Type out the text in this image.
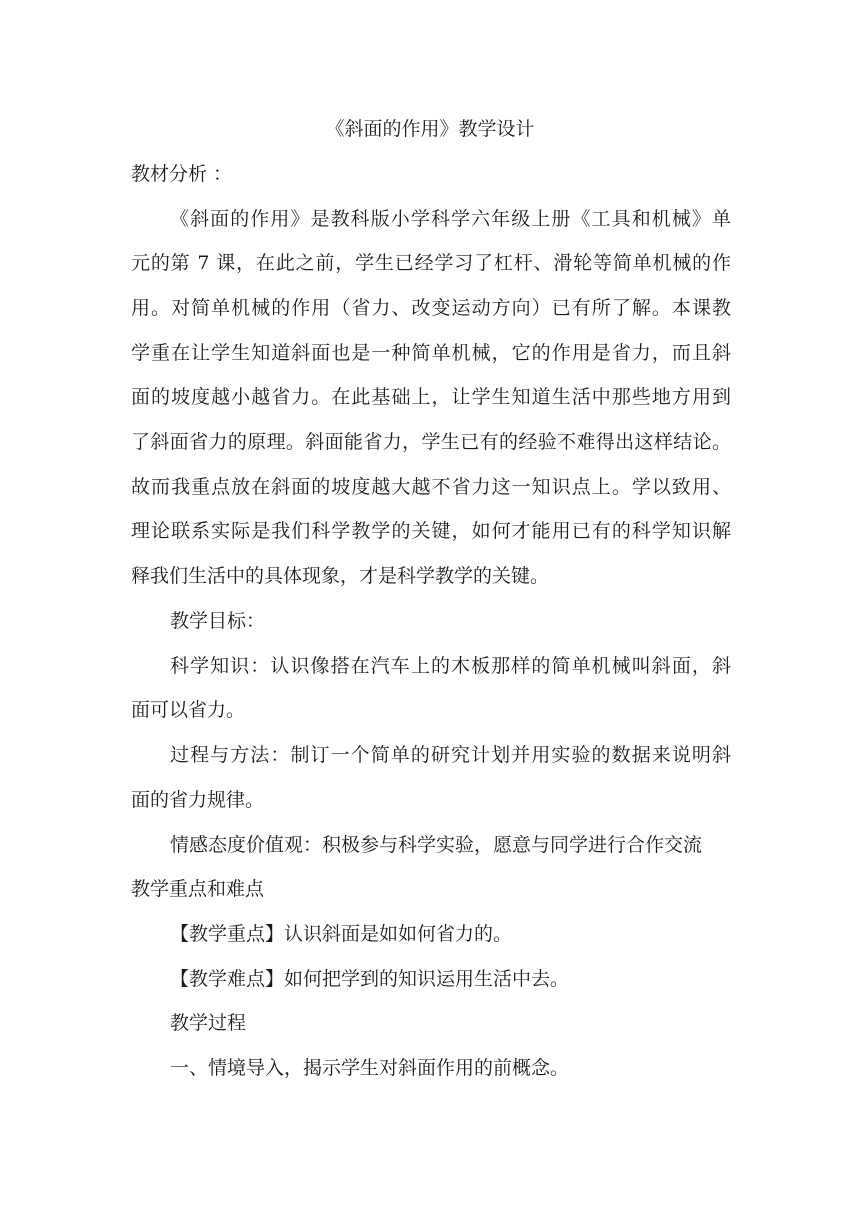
《斜面的作用》教学设计
教材分析 ：
《斜面的作用》是教科版小学科学六年级上册《工具和机械》单
元的第 7 课，在此之前，学生已经学习了杠杆、滑轮等简单机械的作
用。对简单机械的作用（省力、改变运动方向）已有所了解。本课教
学重在让学生知道斜面也是一种简单机械，它的作用是省力，而且斜
面的坡度越小越省力。在此基础上，让学生知道生活中那些地方用到
了斜面省力的原理。斜面能省力，学生已有的经验不难得出这样结论。
故而我重点放在斜面的坡度越大越不省力这一知识点上。学以致用、
理论联系实际是我们科学教学的关键，如何才能用已有的科学知识解
释我们生活中的具体现象，才是科学教学的关键。
教学目标：
科学知识：认识像搭在汽车上的木板那样的简单机械叫斜面，斜
面可以省力。
过程与方法：制订一个简单的研究计划并用实验的数据来说明斜
面的省力规律。
情感态度价值观：积极参与科学实验，愿意与同学进行合作交流
教学重点和难点
【教学重点】认识斜面是如如何省力的。
【教学难点】如何把学到的知识运用生活中去。
教学过程
一、情境导入，揭示学生对斜面作用的前概念。
